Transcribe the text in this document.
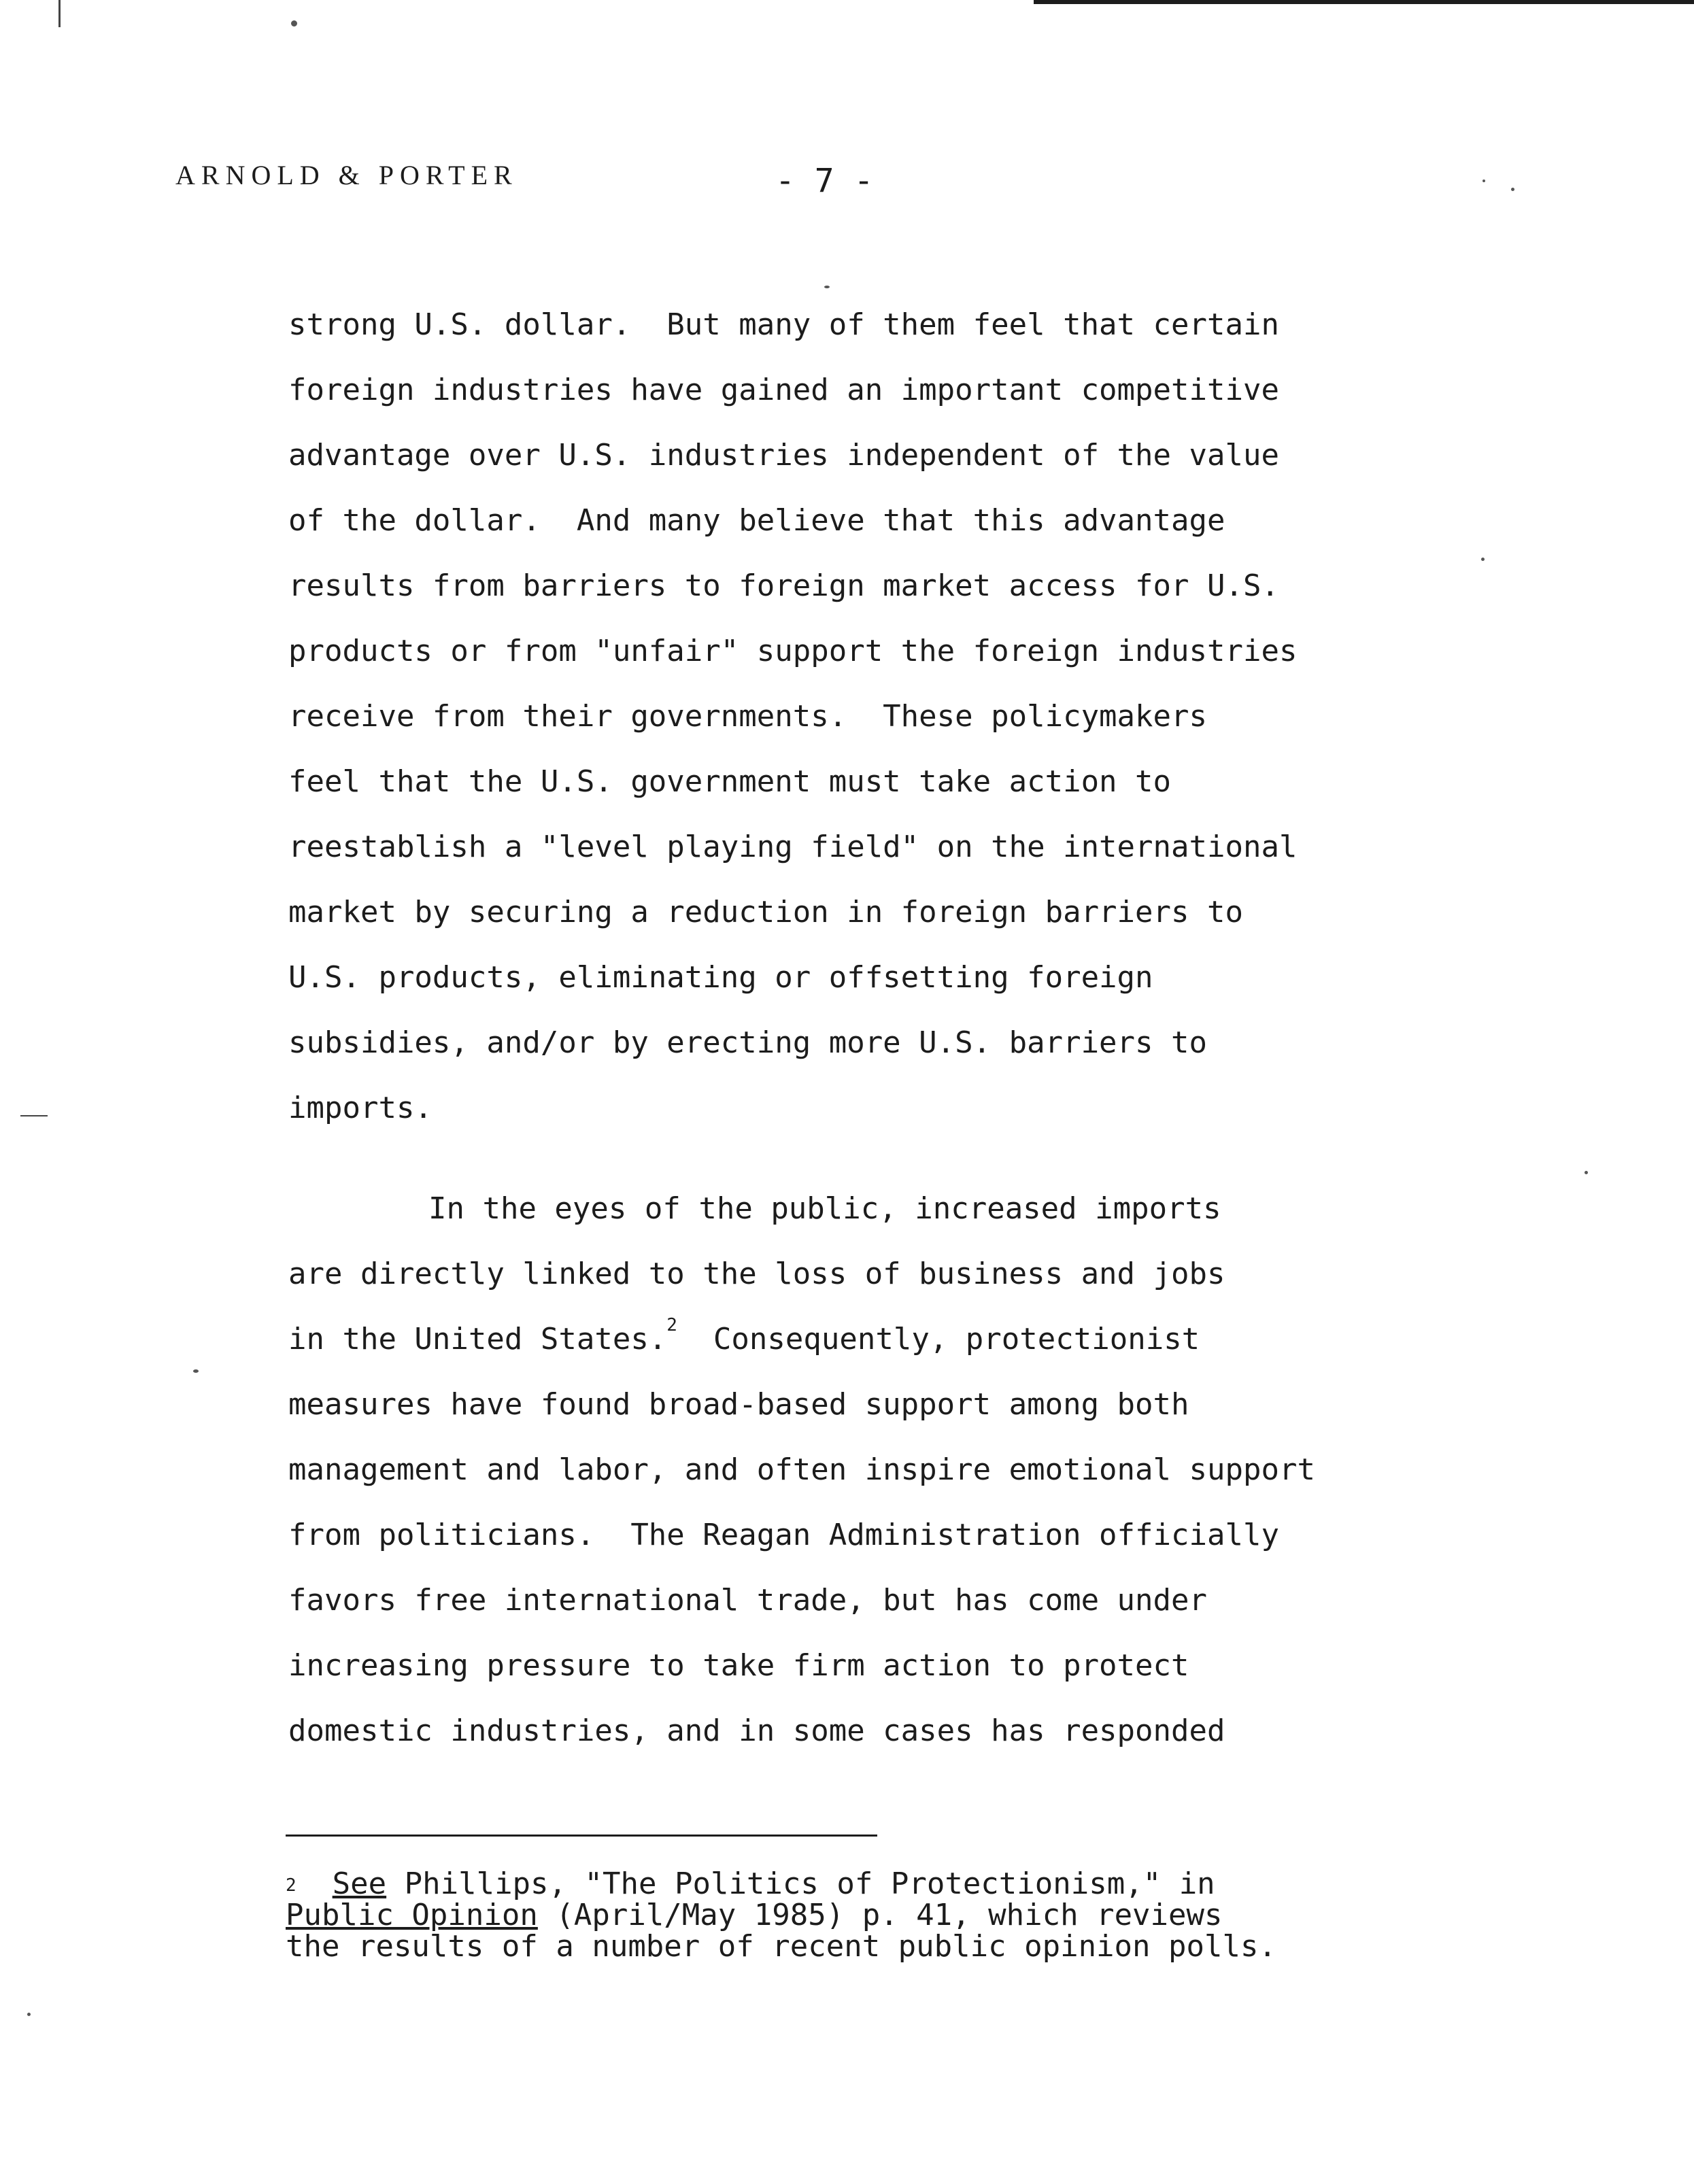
ARNOLD & PORTER	- 7 -
strong U.S. dollar.  But many of them feel that certain
foreign industries have gained an important competitive
advantage over U.S. industries independent of the value
of the dollar.  And many believe that this advantage
results from barriers to foreign market access for U.S.
products or from "unfair" support the foreign industries
receive from their governments.  These policymakers
feel that the U.S. government must take action to
reestablish a "level playing field" on the international
market by securing a reduction in foreign barriers to
U.S. products, eliminating or offsetting foreign
subsidies, and/or by erecting more U.S. barriers to
imports.
In the eyes of the public, increased imports
are directly linked to the loss of business and jobs
in the United States.$^2$  Consequently, protectionist
measures have found broad-based support among both
management and labor, and often inspire emotional support
from politicians.  The Reagan Administration officially
favors free international trade, but has come under
increasing pressure to take firm action to protect
domestic industries, and in some cases has responded
$^2$ See Phillips, "The Politics of Protectionism," in
Public Opinion (April/May 1985) p. 41, which reviews
the results of a number of recent public opinion polls.
